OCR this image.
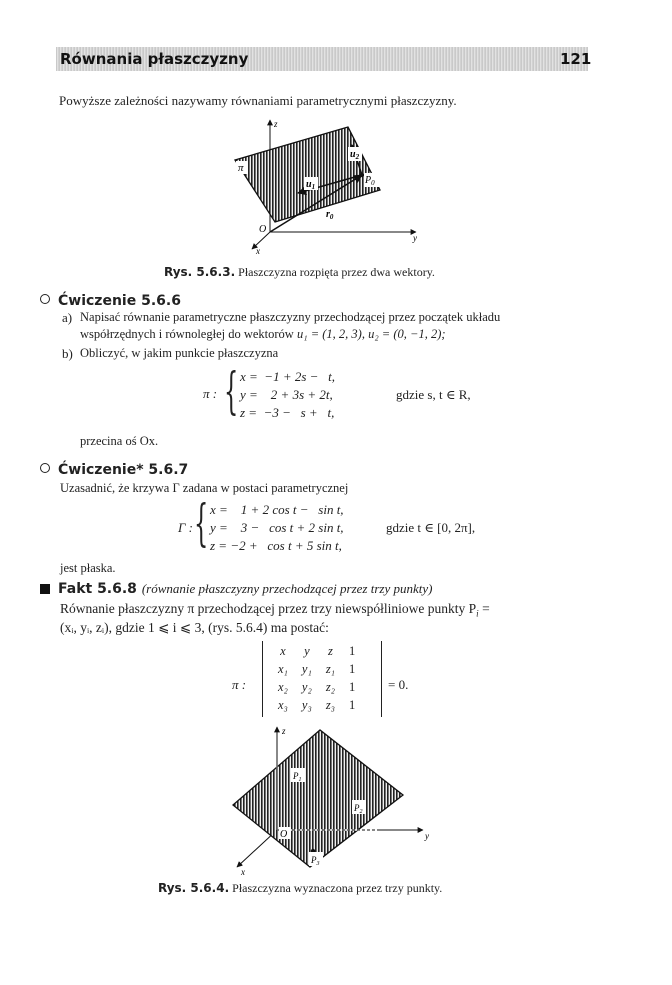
Równania płaszczyzny	121
Powyższe zależności nazywamy równaniami parametrycznymi płaszczyzny.
π
$u_1$
$u_2$
$P_0$
$r_0$
O
z
y
x
Rys. 5.6.3. Płaszczyzna rozpięta przez dwa wektory.
Ćwiczenie 5.6.6
a) Napisać równanie parametryczne płaszczyzny przechodzącej przez początek układu
współrzędnych i równoległej do wektorów u₁ = (1, 2, 3), u₂ = (0, −1, 2);
b) Obliczyć, w jakim punkcie płaszczyzna
π : { x =  −1 + 2s −   t,
y =    2 + 3s + 2t,
z =  −3 −   s +   t,
gdzie s, t ∈ R,
przecina oś Ox.
Ćwiczenie* 5.6.7
Uzasadnić, że krzywa Γ zadana w postaci parametrycznej
Γ : { x =    1 + 2 cos t −   sin t,
y =    3 −   cos t + 2 sin t,
z = −2 +   cos t + 5 sin t,
gdzie t ∈ [0, 2π],
jest płaska.
Fakt 5.6.8 (równanie płaszczyzny przechodzącej przez trzy punkty)
Równanie płaszczyzny π przechodzącej przez trzy niewspółliniowe punkty $P_i$ =
(xᵢ, yᵢ, zᵢ), gdzie 1 ⩽ i ⩽ 3, (rys. 5.6.4) ma postać:
π :
x	y	z	1
x₁	y₁	z₁	1
x₂	y₂	z₂	1
x₃	y₃	z₃	1
= 0.
$P_1$
$P_2$
$P_3$
O
z
y
x
Rys. 5.6.4. Płaszczyzna wyznaczona przez trzy punkty.
